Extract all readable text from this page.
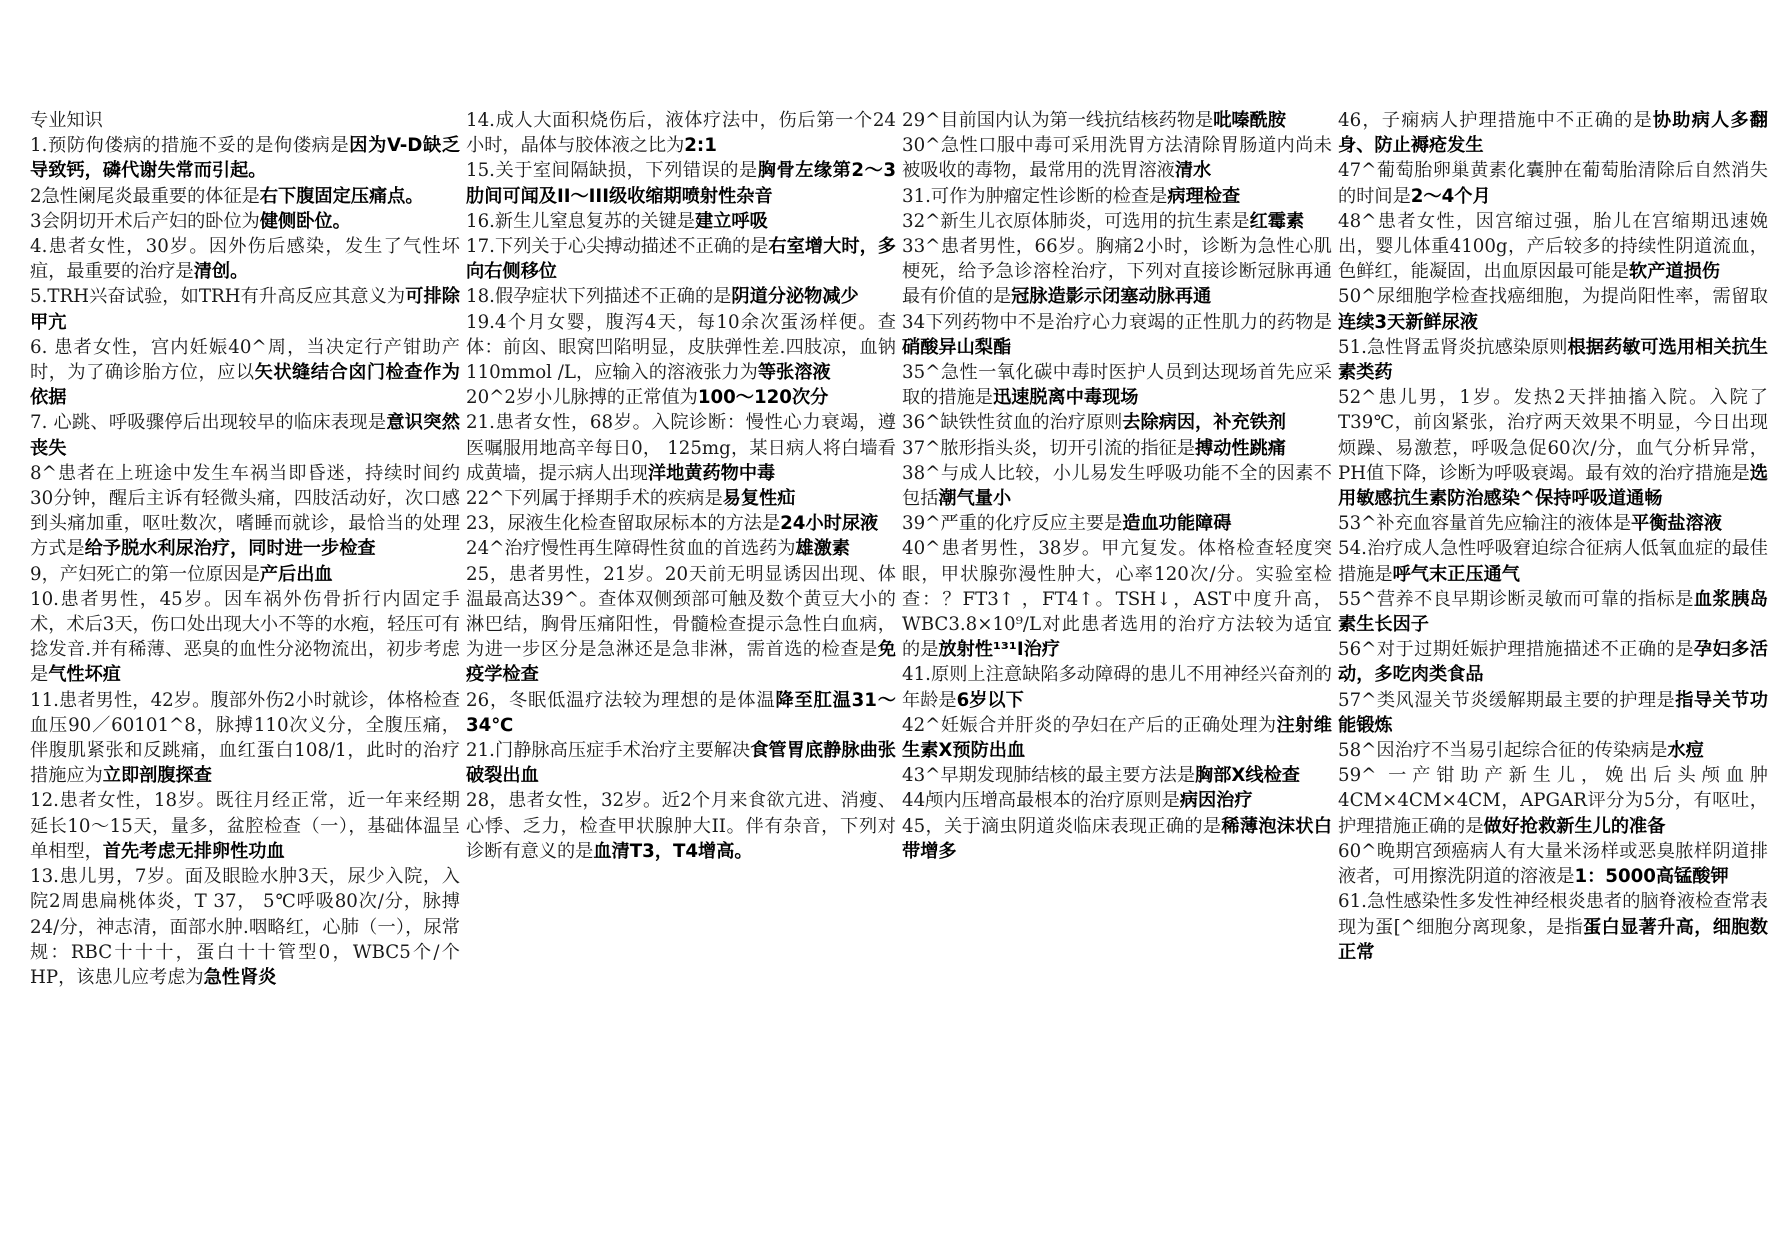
专业知识

1.预防佝偻病的措施不妥的是佝偻病是因为V-D缺乏导致钙，磷代谢失常而引起。

2急性阑尾炎最重要的体征是右下腹固定压痛点。

3会阴切开术后产妇的卧位为健侧卧位。

4.患者女性，30岁。因外伤后感染，发生了气性坏疽，最重要的治疗是清创。

5.TRH兴奋试验，如TRH有升高反应其意义为可排除甲亢

6. 患者女性，宫内妊娠40^周，当决定行产钳助产时，为了确诊胎方位，应以矢状缝结合囟门检查作为依据

7. 心跳、呼吸骤停后出现较早的临床表现是意识突然丧失

8^患者在上班途中发生车祸当即昏迷，持续时间约30分钟，醒后主诉有轻微头痛，四肢活动好，次口感到头痛加重，呕吐数次，嗜睡而就诊，最恰当的处理方式是给予脱水利尿治疗，同时进一步检查

9，产妇死亡的第一位原因是产后出血

10.患者男性，45岁。因车祸外伤骨折行内固定手术，术后3天，伤口处出现大小不等的水疱，轻压可有捻发音.并有稀薄、恶臭的血性分泌物流出，初步考虑是气性坏疽

11.患者男性，42岁。腹部外伤2小时就诊，体格检查血压90／60101^8，脉搏110次义分，全腹压痛，伴腹肌紧张和反跳痛，血红蛋白108/1，此时的治疗措施应为立即剖腹探查

12.患者女性，18岁。既往月经正常，近一年来经期延长10～15天，量多，盆腔检查（一），基础体温呈单相型，首先考虑无排卵性功血

13.患儿男，7岁。面及眼睑水肿3天，尿少入院，入院2周患扁桃体炎，T 37， 5℃呼吸80次/分，脉搏24/分，神志清，面部水肿.咽略红，心肺（一），尿常规：RBC十十十，蛋白十十管型0，WBC5个/个HP，该患儿应考虑为急性肾炎

14.成人大面积烧伤后，液体疗法中，伤后第一个24小时，晶体与胶体液之比为2:1

15.关于室间隔缺损，下列错误的是胸骨左缘第2～3肋间可闻及II～III级收缩期喷射性杂音

16.新生儿窒息复苏的关键是建立呼吸

17.下列关于心尖搏动描述不正确的是右室增大时，多向右侧移位

18.假孕症状下列描述不正确的是阴道分泌物减少

19.4个月女婴，腹泻4天，每10余次蛋汤样便。查体：前囟、眼窝凹陷明显，皮肤弹性差.四肢凉，血钠110mmol /L，应输入的溶液张力为等张溶液

20^2岁小儿脉搏的正常值为100～120次分

21.患者女性，68岁。入院诊断：慢性心力衰竭，遵医嘱服用地高辛每日0， 125mg，某日病人将白墙看成黄墙，提示病人出现洋地黄药物中毒

22^下列属于择期手术的疾病是易复性疝

23，尿液生化检查留取尿标本的方法是24小时尿液

24^治疗慢性再生障碍性贫血的首选药为雄激素

25，患者男性，21岁。20天前无明显诱因出现、体温最高达39^。查体双侧颈部可触及数个黄豆大小的淋巴结，胸骨压痛阳性，骨髓检查提示急性白血病，为进一步区分是急淋还是急非淋，需首选的检查是免疫学检查

26，冬眠低温疗法较为理想的是体温降至肛温31～34℃

21.门静脉高压症手术治疗主要解决食管胃底静脉曲张破裂出血

28，患者女性，32岁。近2个月来食欲亢进、消瘦、心悸、乏力，检查甲状腺肿大II。伴有杂音，下列对诊断有意义的是血清T3，T4增高。

29^目前国内认为第一线抗结核药物是吡嗪酰胺

30^急性口服中毒可采用洗胃方法清除胃肠道内尚未被吸收的毒物，最常用的洗胃溶液清水

31.可作为肿瘤定性诊断的检查是病理检查

32^新生儿衣原体肺炎，可选用的抗生素是红霉素

33^患者男性，66岁。胸痛2小时，诊断为急性心肌梗死，给予急诊溶栓治疗，下列对直接诊断冠脉再通最有价值的是冠脉造影示闭塞动脉再通

34下列药物中不是治疗心力衰竭的正性肌力的药物是硝酸异山梨酯

35^急性一氧化碳中毒时医护人员到达现场首先应采取的措施是迅速脱离中毒现场

36^缺铁性贫血的治疗原则去除病因，补充铁剂

37^脓形指头炎，切开引流的指征是搏动性跳痛

38^与成人比较，小儿易发生呼吸功能不全的因素不包括潮气量小

39^严重的化疗反应主要是造血功能障碍

40^患者男性，38岁。甲亢复发。体格检查轻度突眼，甲状腺弥漫性肿大，心率120次/分。实验室检查：？FT3↑ ，FT4↑。TSH↓，AST中度升高，WBC3.8×10⁹/L对此患者选用的治疗方法较为适宜的是放射性¹³¹I治疗

41.原则上注意缺陷多动障碍的患儿不用神经兴奋剂的年龄是6岁以下

42^妊娠合并肝炎的孕妇在产后的正确处理为注射维生素X预防出血

43^早期发现肺结核的最主要方法是胸部X线检查

44颅内压增高最根本的治疗原则是病因治疗

45，关于滴虫阴道炎临床表现正确的是稀薄泡沫状白带增多

46，子痫病人护理措施中不正确的是协助病人多翻身、防止褥疮发生

47^葡萄胎卵巢黄素化囊肿在葡萄胎清除后自然消失的时间是2～4个月

48^患者女性，因宫缩过强，胎儿在宫缩期迅速娩出，婴儿体重4100g，产后较多的持续性阴道流血，色鲜红，能凝固，出血原因最可能是软产道损伤

50^尿细胞学检查找癌细胞，为提尚阳性率，需留取连续3天新鲜尿液

51.急性肾盂肾炎抗感染原则根据药敏可选用相关抗生素类药

52^患儿男，1岁。发热2天拌抽搐入院。入院了T39℃，前囟紧张，治疗两天效果不明显，今日出现烦躁、易激惹，呼吸急促60次/分，血气分析异常， PH值下降，诊断为呼吸衰竭。最有效的治疗措施是选用敏感抗生素防治感染^保持呼吸道通畅

53^补充血容量首先应输注的液体是平衡盐溶液

54.治疗成人急性呼吸窘迫综合征病人低氧血症的最佳措施是呼气末正压通气

55^营养不良早期诊断灵敏而可靠的指标是血浆胰岛素生长因子

56^对于过期妊娠护理措施描述不正确的是孕妇多活动，多吃肉类食品

57^类风湿关节炎缓解期最主要的护理是指导关节功能锻炼

58^因治疗不当易引起综合征的传染病是水痘

59^ 一产钳助产新生儿，娩出后头颅血肿4CM×4CM×4CM，APGAR评分为5分，有呕吐，护理措施正确的是做好抢救新生儿的准备

60^晚期宫颈癌病人有大量米汤样或恶臭脓样阴道排液者，可用擦洗阴道的溶液是1：5000高锰酸钾

61.急性感染性多发性神经根炎患者的脑脊液检查常表现为蛋[^细胞分离现象，是指蛋白显著升高，细胞数正常
